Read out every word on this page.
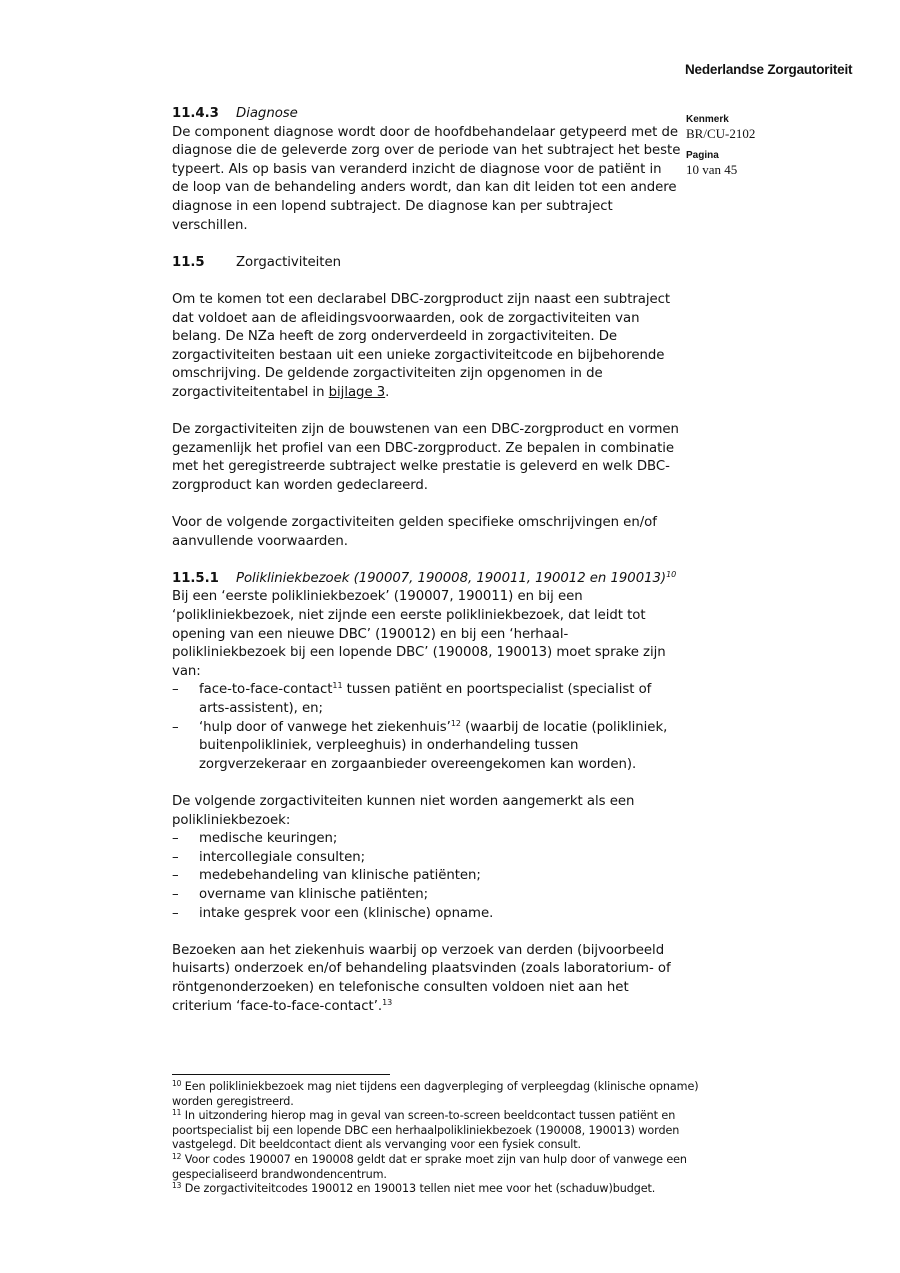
Nederlandse Zorgautoriteit
Kenmerk
BR/CU-2102
Pagina
10 van 45
11.4.3	Diagnose

De component diagnose wordt door de hoofdbehandelaar getypeerd met de diagnose die de geleverde zorg over de periode van het subtraject het beste typeert. Als op basis van veranderd inzicht de diagnose voor de patiënt in de loop van de behandeling anders wordt, dan kan dit leiden tot een andere diagnose in een lopend subtraject. De diagnose kan per subtraject verschillen.

11.5	Zorgactiviteiten

Om te komen tot een declarabel DBC-zorgproduct zijn naast een subtraject dat voldoet aan de afleidingsvoorwaarden, ook de zorgactiviteiten van belang. De NZa heeft de zorg onderverdeeld in zorgactiviteiten. De zorgactiviteiten bestaan uit een unieke zorgactiviteitcode en bijbehorende omschrijving. De geldende zorgactiviteiten zijn opgenomen in de zorgactiviteitentabel in bijlage 3.

De zorgactiviteiten zijn de bouwstenen van een DBC-zorgproduct en vormen gezamenlijk het profiel van een DBC-zorgproduct. Ze bepalen in combinatie met het geregistreerde subtraject welke prestatie is geleverd en welk DBC-zorgproduct kan worden gedeclareerd.

Voor de volgende zorgactiviteiten gelden specifieke omschrijvingen en/of aanvullende voorwaarden.

11.5.1	Polikliniekbezoek (190007, 190008, 190011, 190012 en 190013)$^{10}$

Bij een ‘eerste polikliniekbezoek’ (190007, 190011) en bij een ‘polikliniekbezoek, niet zijnde een eerste polikliniekbezoek, dat leidt tot opening van een nieuwe DBC’ (190012) en bij een ‘herhaal-polikliniekbezoek bij een lopende DBC’ (190008, 190013) moet sprake zijn van:

– face-to-face-contact$^{11}$ tussen patiënt en poortspecialist (specialist of arts-assistent), en;
– ‘hulp door of vanwege het ziekenhuis’$^{12}$ (waarbij de locatie (polikliniek, buitenpolikliniek, verpleeghuis) in onderhandeling tussen zorgverzekeraar en zorgaanbieder overeengekomen kan worden).

De volgende zorgactiviteiten kunnen niet worden aangemerkt als een polikliniekbezoek:

– medische keuringen;
– intercollegiale consulten;
– medebehandeling van klinische patiënten;
– overname van klinische patiënten;
– intake gesprek voor een (klinische) opname.

Bezoeken aan het ziekenhuis waarbij op verzoek van derden (bijvoorbeeld huisarts) onderzoek en/of behandeling plaatsvinden (zoals laboratorium- of röntgenonderzoeken) en telefonische consulten voldoen niet aan het criterium ‘face-to-face-contact’.$^{13}$

$^{10}$ Een polikliniekbezoek mag niet tijdens een dagverpleging of verpleegdag (klinische opname) worden geregistreerd.

$^{11}$ In uitzondering hierop mag in geval van screen-to-screen beeldcontact tussen patiënt en poortspecialist bij een lopende DBC een herhaalpolikliniekbezoek (190008, 190013) worden vastgelegd. Dit beeldcontact dient als vervanging voor een fysiek consult.

$^{12}$ Voor codes 190007 en 190008 geldt dat er sprake moet zijn van hulp door of vanwege een gespecialiseerd brandwondencentrum.

$^{13}$ De zorgactiviteitcodes 190012 en 190013 tellen niet mee voor het (schaduw)budget.
